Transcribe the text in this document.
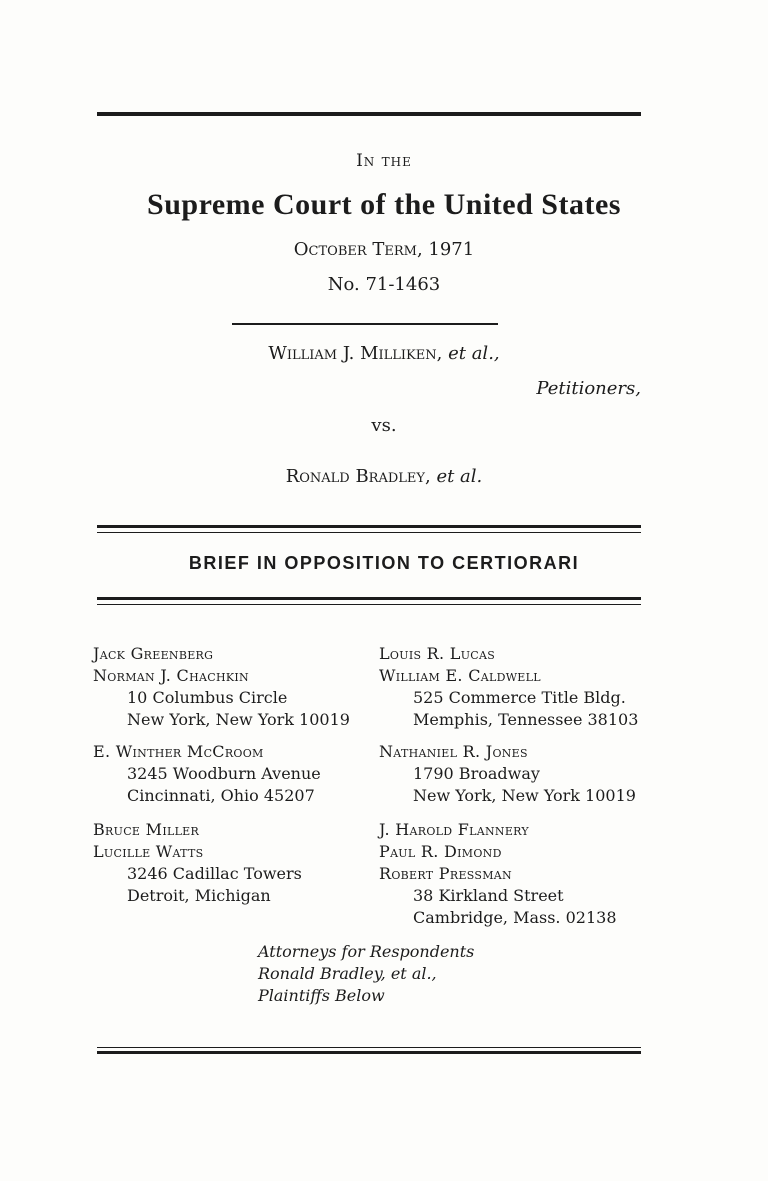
In the
Supreme Court of the United States
October Term, 1971
No. 71-1463
William J. Milliken, et al.,
Petitioners,
vs.
Ronald Bradley, et al.
BRIEF IN OPPOSITION TO CERTIORARI
Jack Greenberg
Norman J. Chachkin
10 Columbus Circle
New York, New York 10019
E. Winther McCroom
3245 Woodburn Avenue
Cincinnati, Ohio 45207
Bruce Miller
Lucille Watts
3246 Cadillac Towers
Detroit, Michigan
Louis R. Lucas
William E. Caldwell
525 Commerce Title Bldg.
Memphis, Tennessee 38103
Nathaniel R. Jones
1790 Broadway
New York, New York 10019
J. Harold Flannery
Paul R. Dimond
Robert Pressman
38 Kirkland Street
Cambridge, Mass. 02138
Attorneys for Respondents
Ronald Bradley, et al.,
Plaintiffs Below
